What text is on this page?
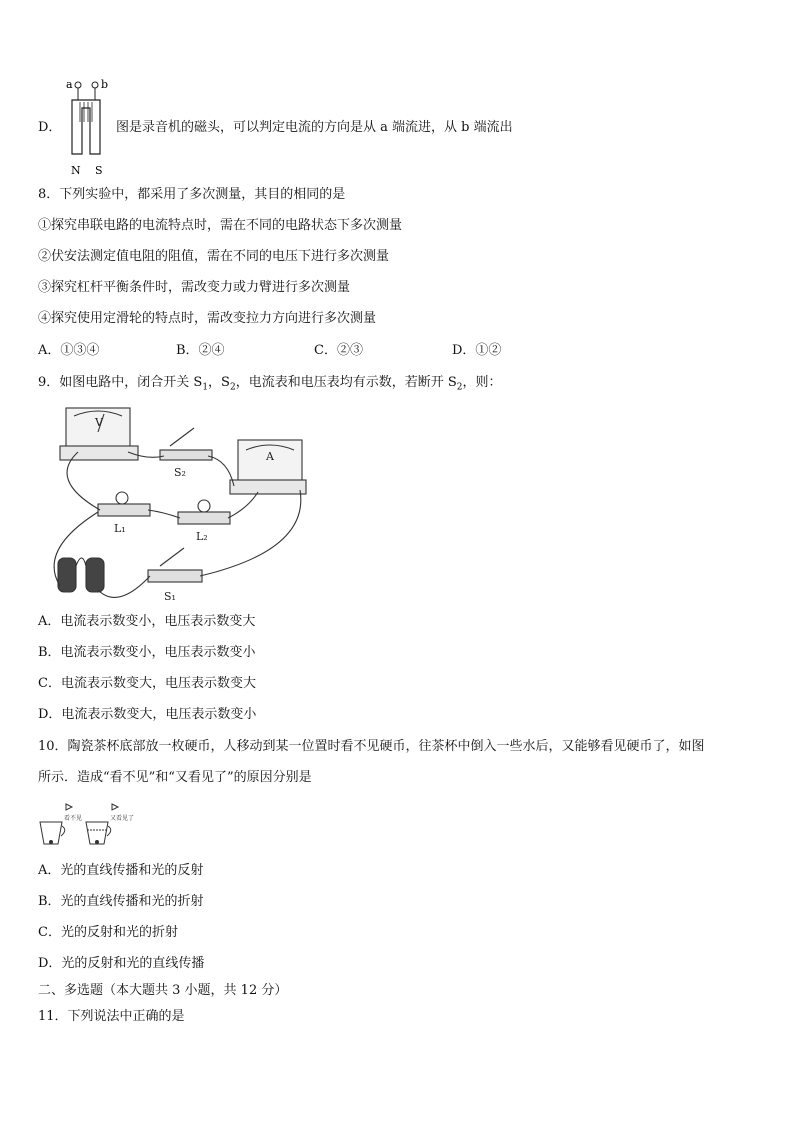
a	b
N S
D．	图是录音机的磁头，可以判定电流的方向是从 a 端流进，从 b 端流出
8．下列实验中，都采用了多次测量，其目的相同的是
①探究串联电路的电流特点时，需在不同的电路状态下多次测量
②伏安法测定值电阻的阻值，需在不同的电压下进行多次测量
③探究杠杆平衡条件时，需改变力或力臂进行多次测量
④探究使用定滑轮的特点时，需改变拉力方向进行多次测量
A．①③④	B．②④	C．②③	D．①②
9．如图电路中，闭合开关 $S_1$，$S_2$，电流表和电压表均有示数，若断开 $S_2$，则：
V
A
S₂
L₁
L₂
S₁
A．电流表示数变小，电压表示数变大
B．电流表示数变小，电压表示数变小
C．电流表示数变大，电压表示数变大
D．电流表示数变大，电压表示数变小
10．陶瓷茶杯底部放一枚硬币，人移动到某一位置时看不见硬币，往茶杯中倒入一些水后，又能够看见硬币了，如图
所示．造成“看不见”和“又看见了”的原因分别是
看不见	又看见了
A．光的直线传播和光的反射
B．光的直线传播和光的折射
C．光的反射和光的折射
D．光的反射和光的直线传播
二、多选题（本大题共 3 小题，共 12 分）
11．下列说法中正确的是
